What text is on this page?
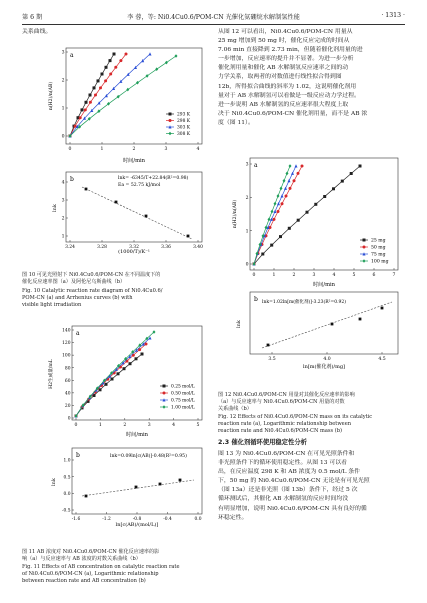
第 6 期	李 蓉，等: Ni0.4Cu0.6/POM-CN 光催化氨硼烷水解制氢性能	· 1313 ·
关系曲线。
a
n(H2)/n(AB)
时间/min
3
2
1
0
0	1	2	3	4
293 K
298 K
303 K
308 K
b
lnk
lnk= -6345/T+22.84(R²=0.98)
Ea = 52.75 kJ/mol
(1000/T)/K⁻¹
4
3
2
1
3.24	3.28	3.32	3.36	3.40
图 10 可见光照射下 Ni0.4Cu0.6/POM-CN 在不同温度下的
催化反应速率图（a）及阿伦尼乌斯曲线（b）
Fig. 10 Catalytic reaction rate diagram of Ni0.4Cu0.6/
POM-CN (a) and Arrhenius curves (b) with
visible light irradiation
a
H2生成量/mL
时间/min
140
120
100
80
60
40
20
0
0	1	2	3	4	5
0.25 mol/L
0.50 mol/L
0.75 mol/L
1.00 mol/L
b
lnk
lnk=0.09ln[c(AB)]-0.48(R²=0.95)
ln[c(AB)/(mol/L)]
1.0
0.5
0.0
-0.5
-1.6	-1.2	-0.8	-0.4	0.0
图 11 AB 浓度对 Ni0.4Cu0.6/POM-CN 催化反应速率的影
响（a）与反应速率与 AB 浓度的对数关系曲线（b）
Fig. 11 Effects of AB concentration on catalytic reaction rate
of Ni0.4Cu0.6/POM-CN (a), Logarithmic relationship
between reaction rate and AB concentration (b)
从图 12 可以看出，Ni0.4Cu0.6/POM-CN 用量从
25 mg 增加到 50 mg 时，催化反应完成的时间从
7.06 min 直接降到 2.73 min，但随着催化剂用量的进
一步增加，反应速率的提升并不显著。为进一步分析
催化剂用量和催化 AB 水解制氢反应速率之间的动
力学关系，取两者的对数值进行线性拟合得到图
12b，所得拟合曲线的斜率为 1.02，这说明催化剂用
量对于 AB 水解制氢可以看做是一级反应动力学过程。
进一步说明 AB 水解制氢的反应速率很大程度上取
决于 Ni0.4Cu0.6/POM-CN 催化剂用量，而不是 AB 浓
度（图 11）。
a
n(H2)/n(AB)
时间/min
3
2
1
0
0	1	2	3	4	5	6	7
25 mg
50 mg
75 mg
100 mg
b
lnk
lnk=1.02ln[m(催化剂)]-3.23(R²=0.92)
ln[m(催化剂)/mg]
3.5	4.0	4.5
图 12 Ni0.4Cu0.6/POM-CN 用量对其催化反应速率的影响
（a）与反应速率与 Ni0.4Cu0.6/POM-CN 用量的对数
关系曲线（b）
Fig. 12 Effects of Ni0.4Cu0.6/POM-CN mass on its catalytic
reaction rate (a), Logarithmic relationship between
reaction rate and Ni0.4Cu0.6/POM-CN mass (b)
2.3 催化剂循环使用稳定性分析
图 13 为 Ni0.4Cu0.6/POM-CN 在可见光照条件和
非光照条件下的循环使用稳定性。从图 13 可以看
出，在反应温度 298 K 和 AB 浓度为 0.5 mol/L 条件
下，50 mg 的 Ni0.4Cu0.6/POM-CN 无论是有可见光照
（图 13a）还是非光照（图 13b）条件下，经过 5 次
循环测试后，其催化 AB 水解制氢的反应时间均没
有明显增加，说明 Ni0.4Cu0.6/POM-CN 具有良好的循
环稳定性。
